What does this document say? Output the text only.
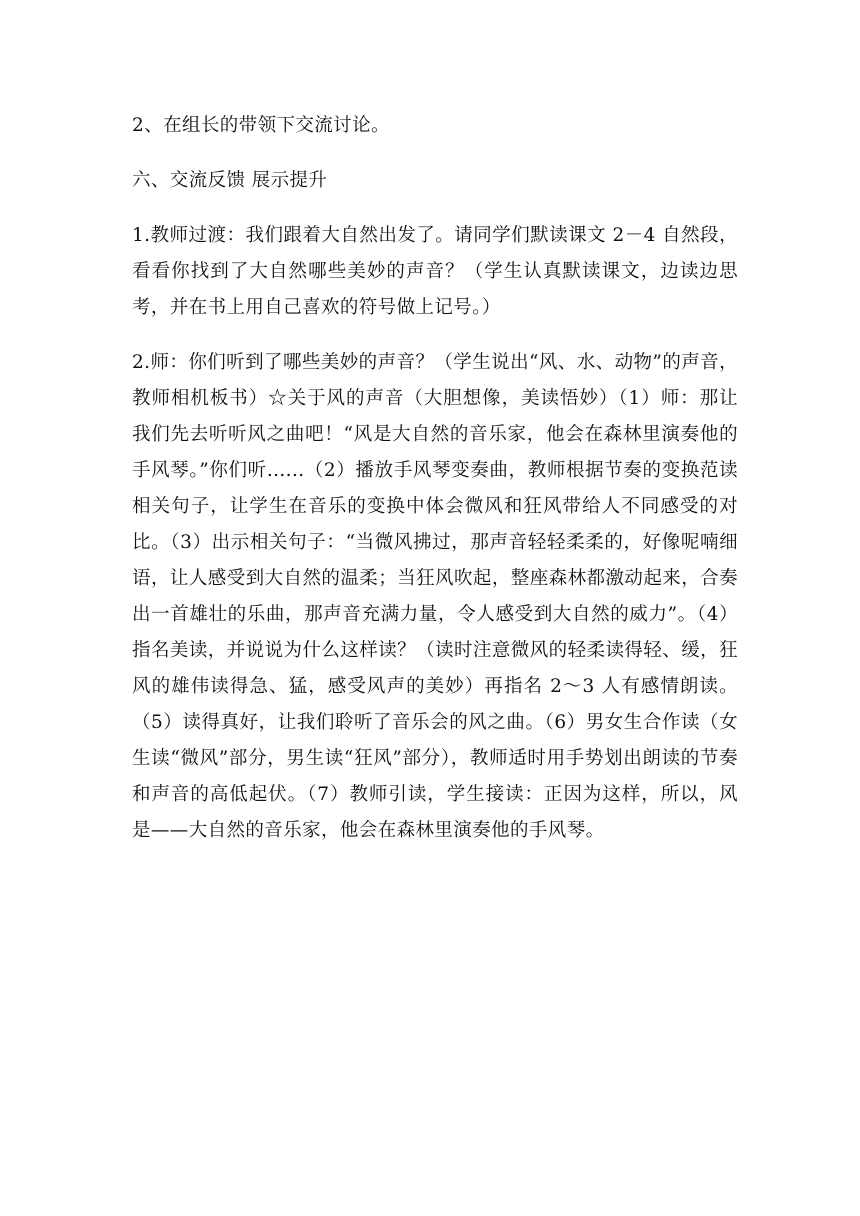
2、在组长的带领下交流讨论。

六、交流反馈 展示提升

1.教师过渡：我们跟着大自然出发了。请同学们默读课文 2－4 自然段，看看你找到了大自然哪些美妙的声音？（学生认真默读课文，边读边思考，并在书上用自己喜欢的符号做上记号。）

2.师：你们听到了哪些美妙的声音？（学生说出“风、水、动物”的声音，教师相机板书）☆关于风的声音（大胆想像，美读悟妙）（1）师：那让我们先去听听风之曲吧！“风是大自然的音乐家，他会在森林里演奏他的手风琴。”你们听......（2）播放手风琴变奏曲，教师根据节奏的变换范读相关句子，让学生在音乐的变换中体会微风和狂风带给人不同感受的对比。（3）出示相关句子：“当微风拂过，那声音轻轻柔柔的，好像呢喃细语，让人感受到大自然的温柔；当狂风吹起，整座森林都激动起来，合奏出一首雄壮的乐曲，那声音充满力量，令人感受到大自然的威力”。（4）指名美读，并说说为什么这样读？（读时注意微风的轻柔读得轻、缓，狂风的雄伟读得急、猛，感受风声的美妙）再指名 2～3 人有感情朗读。（5）读得真好，让我们聆听了音乐会的风之曲。（6）男女生合作读（女生读“微风”部分，男生读“狂风”部分），教师适时用手势划出朗读的节奏和声音的高低起伏。（7）教师引读，学生接读：正因为这样，所以，风是——大自然的音乐家，他会在森林里演奏他的手风琴。
